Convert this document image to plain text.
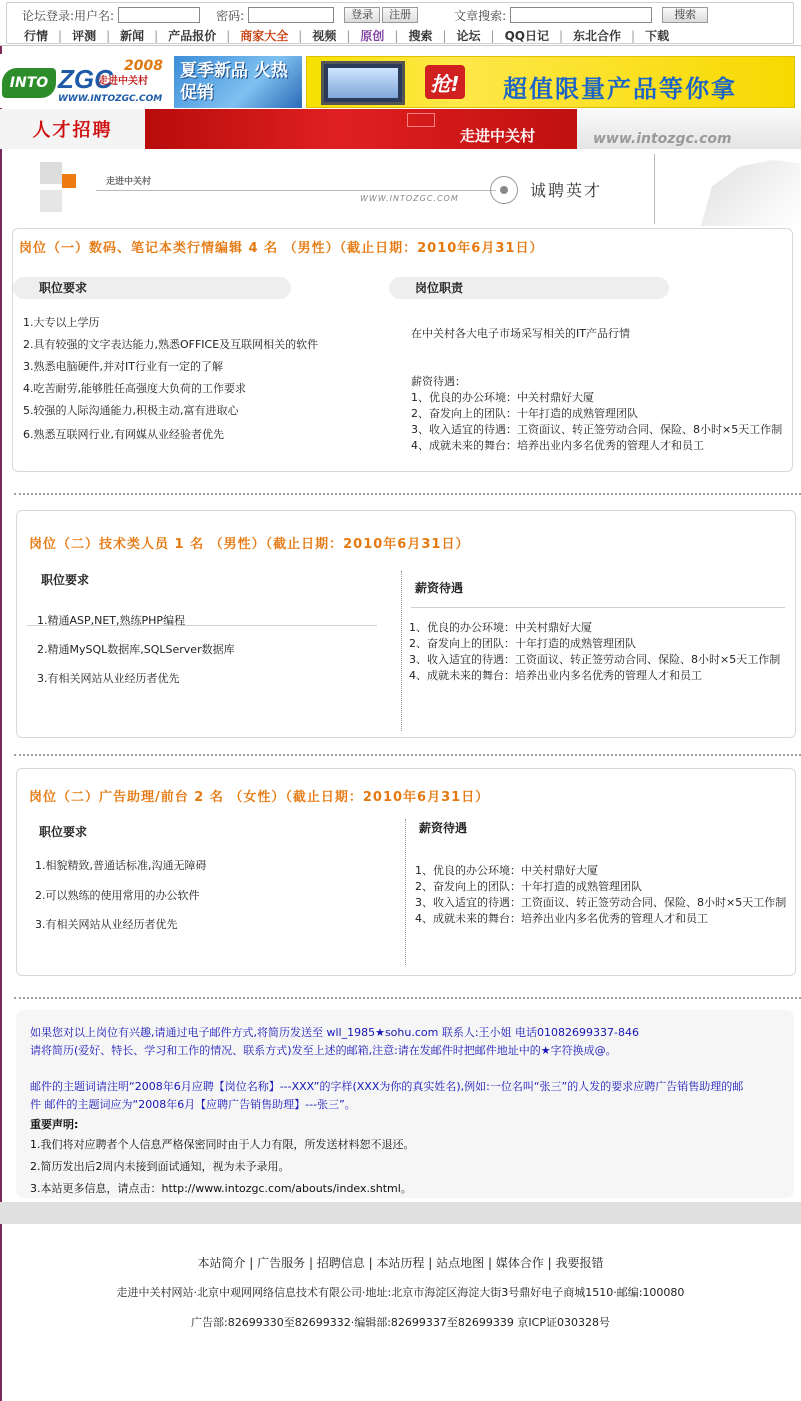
论坛登录:用户名:	密码:	登录	注册	文章搜索:	搜索
行情 | 评测 | 新闻 | 产品报价 | 商家大全 | 视频 | 原创 | 搜索 | 论坛 | QQ日记 | 东北合作 | 下载
INTO ZGC 2008
走进中关村
WWW.INTOZGC.COM
夏季新品 火热促销	抢! 超值限量产品等你拿
人才招聘	走进中关村	www.intozgc.com
走进中关村
WWW.INTOZGC.COM	诚聘英才
岗位（一）数码、笔记本类行情编辑 4 名 （男性）（截止日期：2010年6月31日）
职位要求	岗位职责
1.大专以上学历
2.具有较强的文字表达能力,熟悉OFFICE及互联网相关的软件
3.熟悉电脑硬件,并对IT行业有一定的了解
4.吃苦耐劳,能够胜任高强度大负荷的工作要求
5.较强的人际沟通能力,积极主动,富有进取心
6.熟悉互联网行业,有网媒从业经验者优先
在中关村各大电子市场采写相关的IT产品行情
薪资待遇：
1、优良的办公环境：中关村鼎好大厦
2、奋发向上的团队：十年打造的成熟管理团队
3、收入适宜的待遇：工资面议、转正签劳动合同、保险、8小时×5天工作制
4、成就未来的舞台：培养出业内多名优秀的管理人才和员工
岗位（二）技术类人员 1 名 （男性）（截止日期：2010年6月31日）
职位要求
薪资待遇
1.精通ASP,NET,熟练PHP编程
2.精通MySQL数据库,SQLServer数据库
3.有相关网站从业经历者优先
1、优良的办公环境：中关村鼎好大厦
2、奋发向上的团队：十年打造的成熟管理团队
3、收入适宜的待遇：工资面议、转正签劳动合同、保险、8小时×5天工作制
4、成就未来的舞台：培养出业内多名优秀的管理人才和员工
岗位（二）广告助理/前台 2 名 （女性）（截止日期：2010年6月31日）
职位要求	薪资待遇
1.相貌精致,普通话标准,沟通无障碍
2.可以熟练的使用常用的办公软件
3.有相关网站从业经历者优先
1、优良的办公环境：中关村鼎好大厦
2、奋发向上的团队：十年打造的成熟管理团队
3、收入适宜的待遇：工资面议、转正签劳动合同、保险、8小时×5天工作制
4、成就未来的舞台：培养出业内多名优秀的管理人才和员工
如果您对以上岗位有兴趣,请通过电子邮件方式,将简历发送至 wll_1985★sohu.com 联系人:王小姐 电话01082699337-846
请将简历(爱好、特长、学习和工作的情况、联系方式)发至上述的邮箱,注意:请在发邮件时把邮件地址中的★字符换成@。
邮件的主题词请注明“2008年6月应聘【岗位名称】---XXX”的字样(XXX为你的真实姓名),例如:一位名叫“张三”的人发的要求应聘广告销售助理的邮
件 邮件的主题词应为“2008年6月【应聘广告销售助理】---张三”。
重要声明:
1.我们将对应聘者个人信息严格保密同时由于人力有限，所发送材料恕不退还。
2.简历发出后2周内未接到面试通知，视为未予录用。
3.本站更多信息，请点击：http://www.intozgc.com/abouts/index.shtml。
本站简介 | 广告服务 | 招聘信息 | 本站历程 | 站点地图 | 媒体合作 | 我要报错
走进中关村网站·北京中观网网络信息技术有限公司·地址:北京市海淀区海淀大街3号鼎好电子商城1510·邮编:100080
广告部:82699330至82699332·编辑部:82699337至82699339 京ICP证030328号
